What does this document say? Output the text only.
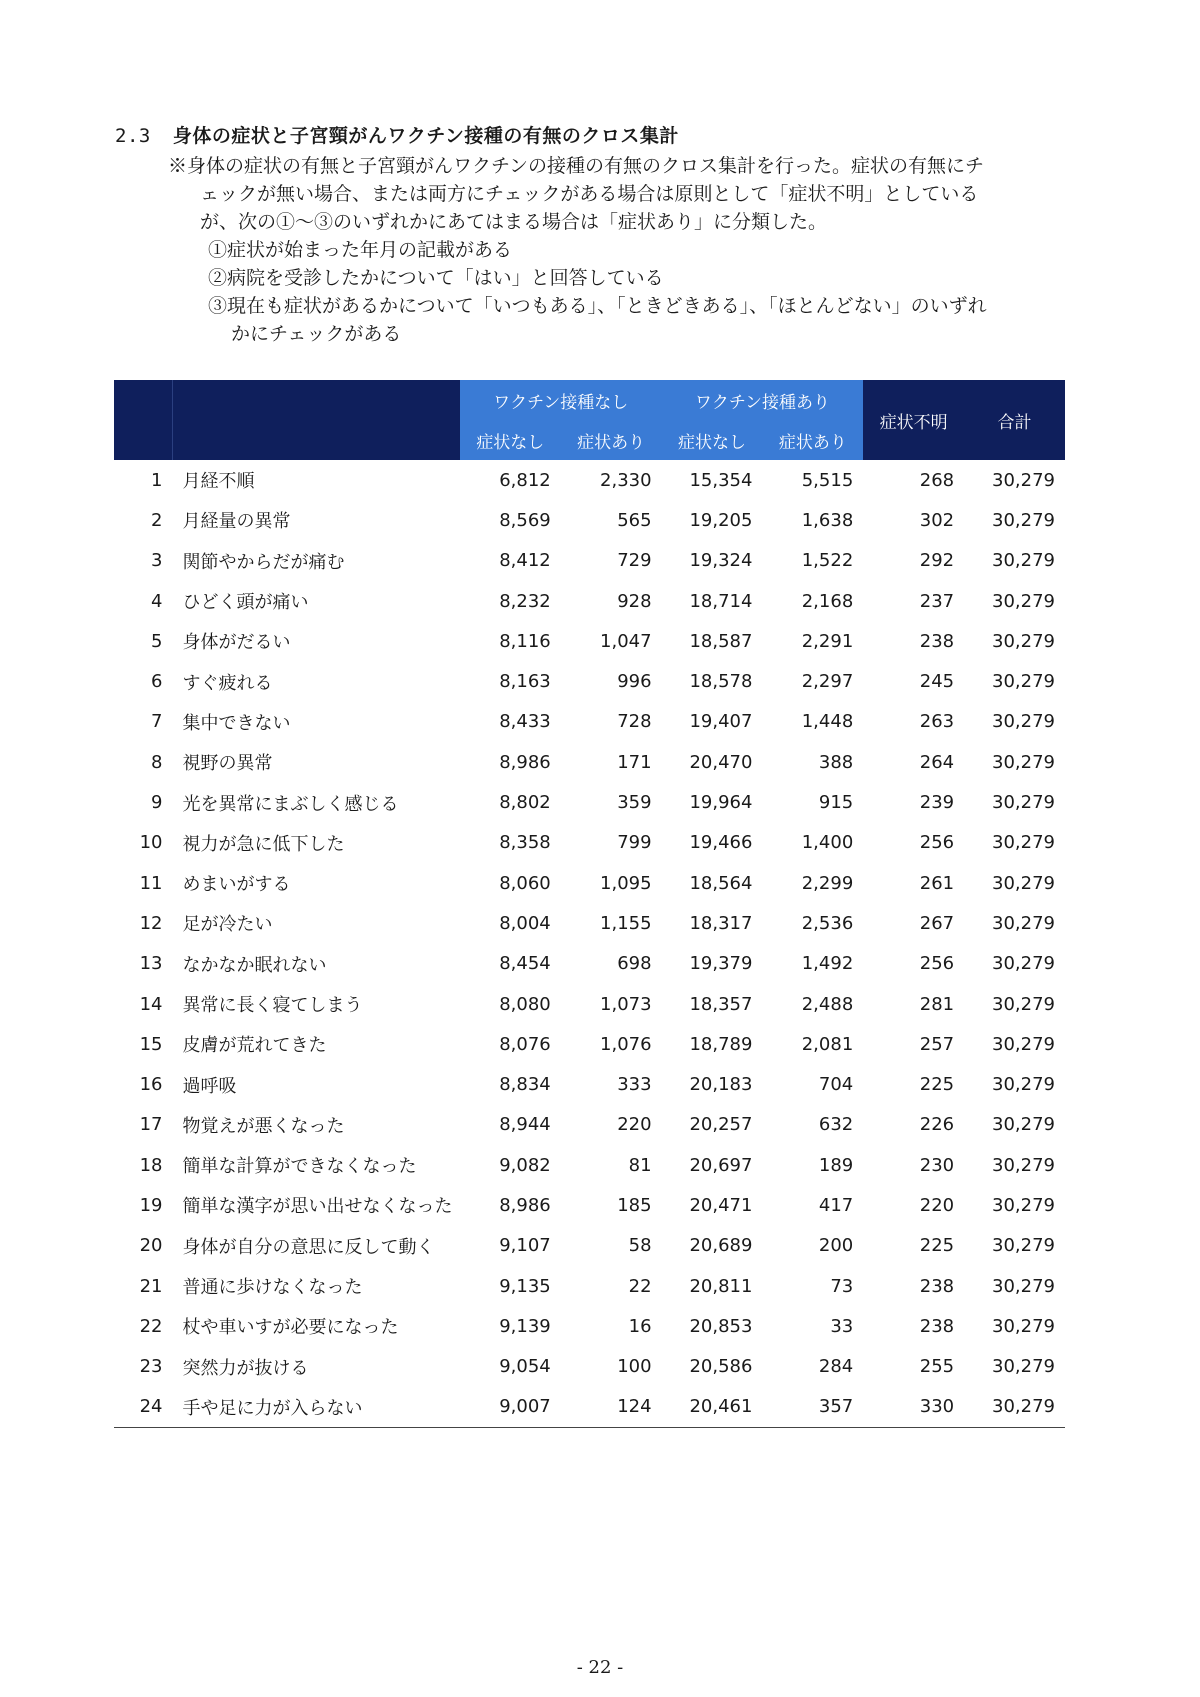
2.3 身体の症状と子宮頸がんワクチン接種の有無のクロス集計
※身体の症状の有無と子宮頸がんワクチンの接種の有無のクロス集計を行った。症状の有無にチ
ェックが無い場合、または両方にチェックがある場合は原則として「症状不明」としている
が、次の①～③のいずれかにあてはまる場合は「症状あり」に分類した。
①症状が始まった年月の記載がある
②病院を受診したかについて「はい」と回答している
③現在も症状があるかについて「いつもある」、「ときどきある」、「ほとんどない」のいずれ
かにチェックがある
		ワクチン接種なし		ワクチン接種あり		症状不明	合計
		症状なし	症状あり	症状なし	症状あり		
1	月経不順	6,812	2,330	15,354	5,515	268	30,279
2	月経量の異常	8,569	565	19,205	1,638	302	30,279
3	関節やからだが痛む	8,412	729	19,324	1,522	292	30,279
4	ひどく頭が痛い	8,232	928	18,714	2,168	237	30,279
5	身体がだるい	8,116	1,047	18,587	2,291	238	30,279
6	すぐ疲れる	8,163	996	18,578	2,297	245	30,279
7	集中できない	8,433	728	19,407	1,448	263	30,279
8	視野の異常	8,986	171	20,470	388	264	30,279
9	光を異常にまぶしく感じる	8,802	359	19,964	915	239	30,279
10	視力が急に低下した	8,358	799	19,466	1,400	256	30,279
11	めまいがする	8,060	1,095	18,564	2,299	261	30,279
12	足が冷たい	8,004	1,155	18,317	2,536	267	30,279
13	なかなか眠れない	8,454	698	19,379	1,492	256	30,279
14	異常に長く寝てしまう	8,080	1,073	18,357	2,488	281	30,279
15	皮膚が荒れてきた	8,076	1,076	18,789	2,081	257	30,279
16	過呼吸	8,834	333	20,183	704	225	30,279
17	物覚えが悪くなった	8,944	220	20,257	632	226	30,279
18	簡単な計算ができなくなった	9,082	81	20,697	189	230	30,279
19	簡単な漢字が思い出せなくなった	8,986	185	20,471	417	220	30,279
20	身体が自分の意思に反して動く	9,107	58	20,689	200	225	30,279
21	普通に歩けなくなった	9,135	22	20,811	73	238	30,279
22	杖や車いすが必要になった	9,139	16	20,853	33	238	30,279
23	突然力が抜ける	9,054	100	20,586	284	255	30,279
24	手や足に力が入らない	9,007	124	20,461	357	330	30,279
- 22 -
